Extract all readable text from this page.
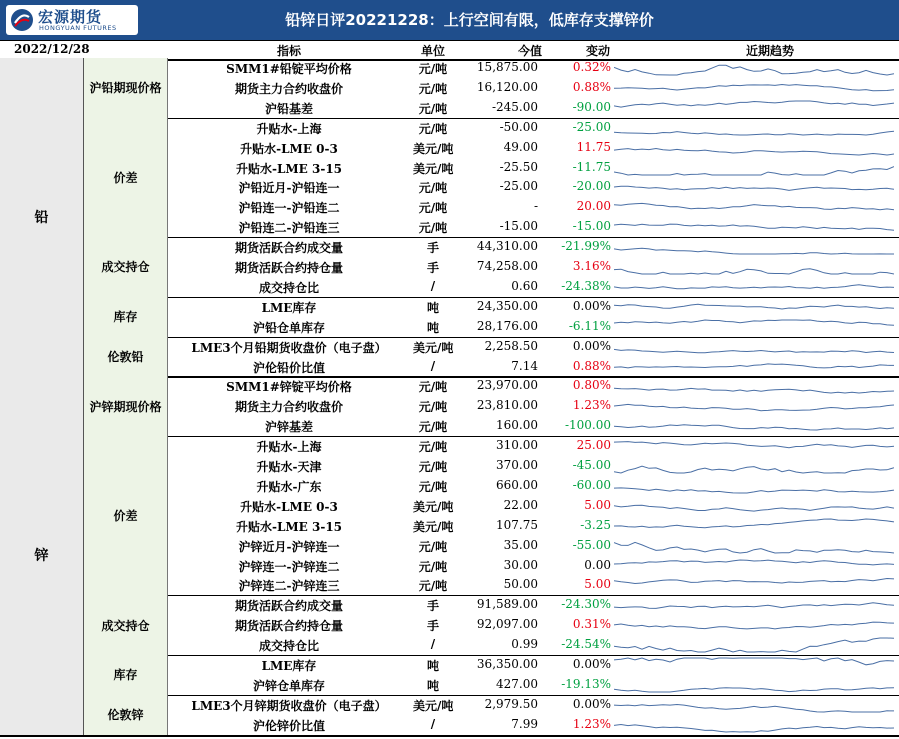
宏源期货
HONGYUAN FUTURES	铅锌日评20221228：上行空间有限，低库存支撑锌价
2022/12/28	指标	单位	今值	变动	近期趋势
SMM1#铅锭平均价格	元/吨	15,875.00	0.32%
期货主力合约收盘价	元/吨	16,120.00	0.88%
沪铅基差	元/吨	-245.00	-90.00
沪铅期现价格
升贴水-上海	元/吨	-50.00	-25.00
升贴水-LME 0-3	美元/吨	49.00	11.75
升贴水-LME 3-15	美元/吨	-25.50	-11.75
沪铅近月-沪铅连一	元/吨	-25.00	-20.00
沪铅连一-沪铅连二	元/吨	-	20.00
沪铅连二-沪铅连三	元/吨	-15.00	-15.00
价差
期货活跃合约成交量	手	44,310.00	-21.99%
期货活跃合约持仓量	手	74,258.00	3.16%
成交持仓比	/	0.60	-24.38%
成交持仓
LME库存	吨	24,350.00	0.00%
沪铅仓单库存	吨	28,176.00	-6.11%
库存
LME3个月铅期货收盘价（电子盘）	美元/吨	2,258.50	0.00%
沪伦铅价比值	/	7.14	0.88%
伦敦铅
铅
SMM1#锌锭平均价格	元/吨	23,970.00	0.80%
期货主力合约收盘价	元/吨	23,810.00	1.23%
沪锌基差	元/吨	160.00	-100.00
沪锌期现价格
升贴水-上海	元/吨	310.00	25.00
升贴水-天津	元/吨	370.00	-45.00
升贴水-广东	元/吨	660.00	-60.00
升贴水-LME 0-3	美元/吨	22.00	5.00
升贴水-LME 3-15	美元/吨	107.75	-3.25
沪锌近月-沪锌连一	元/吨	35.00	-55.00
沪锌连一-沪锌连二	元/吨	30.00	0.00
沪锌连二-沪锌连三	元/吨	50.00	5.00
价差
期货活跃合约成交量	手	91,589.00	-24.30%
期货活跃合约持仓量	手	92,097.00	0.31%
成交持仓比	/	0.99	-24.54%
成交持仓
LME库存	吨	36,350.00	0.00%
沪锌仓单库存	吨	427.00	-19.13%
库存
LME3个月锌期货收盘价（电子盘）	美元/吨	2,979.50	0.00%
沪伦锌价比值	/	7.99	1.23%
伦敦锌
锌
